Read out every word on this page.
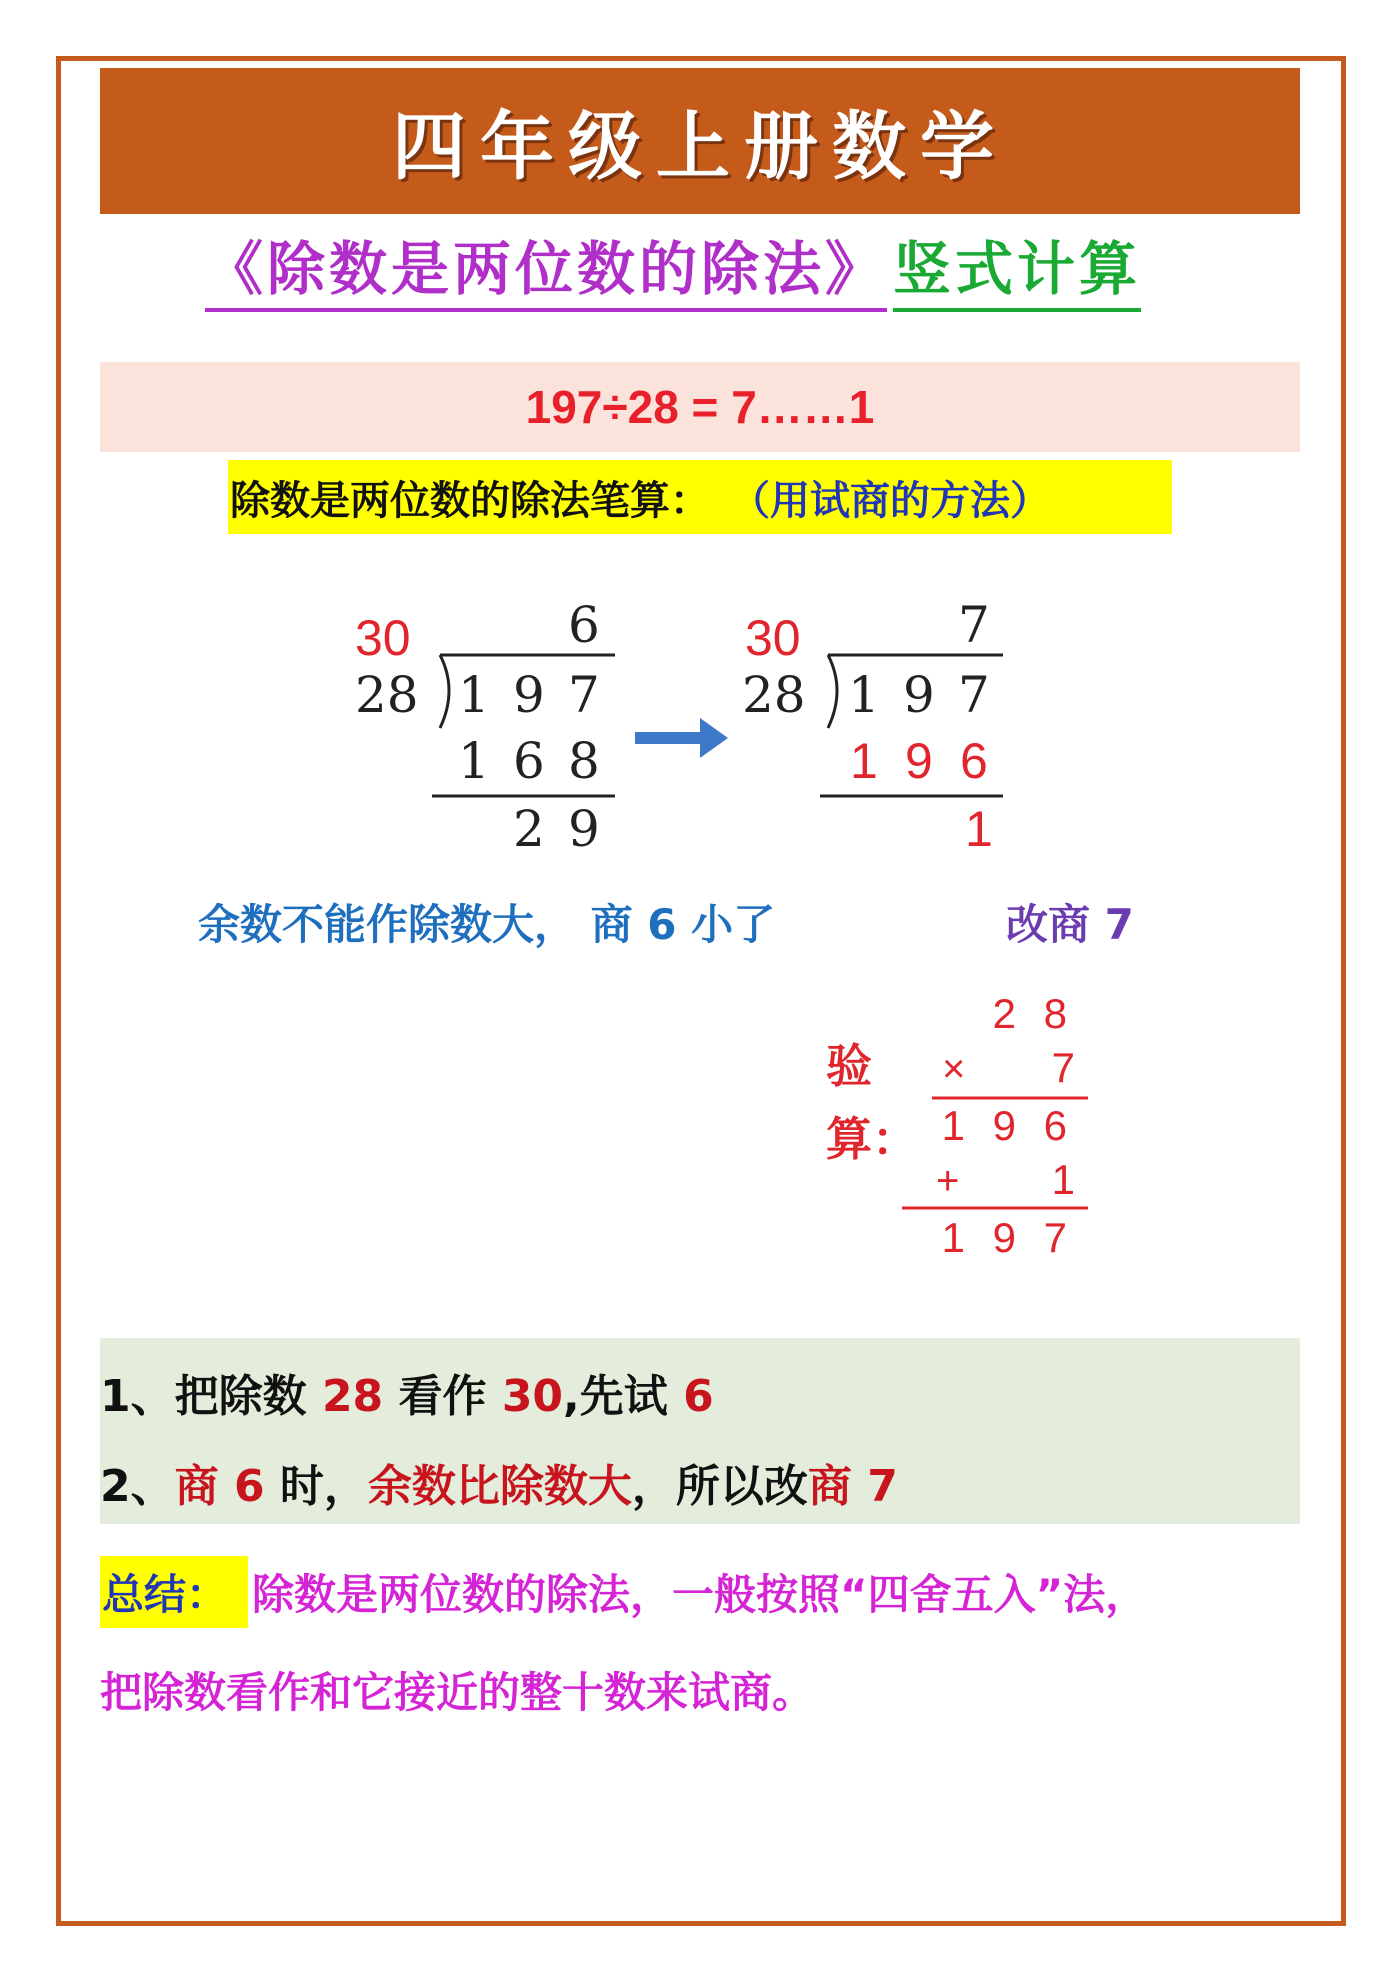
四年级上册数学
《除数是两位数的除法》 竖式计算
197÷28 = 7……1
除数是两位数的除法笔算： （用试商的方法）
30	6
28 1 9 7
1 6 8
2 9
30	7
28 1 9 7
1 9 6
1
验
算：
2 8
× 7
1 9 6
+ 1
1 9 7
余数不能作除数大， 商 6 小了	改商 7
1、把除数 28 看作 30,先试 6
2、商 6 时，余数比除数大，所以改商 7
总结： 除数是两位数的除法，一般按照“四舍五入”法，
把除数看作和它接近的整十数来试商。
